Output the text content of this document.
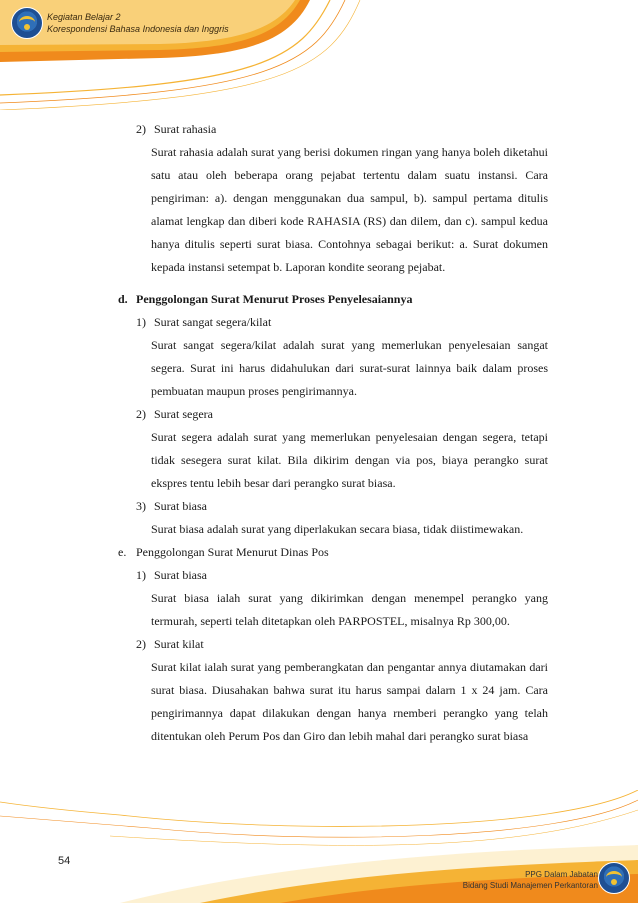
Kegiatan Belajar 2
Korespondensi Bahasa Indonesia dan Inggris
54
PPG Dalam Jabatan
Bidang Studi Manajemen Perkantoran
2) Surat rahasia
Surat rahasia adalah surat yang berisi dokumen ringan yang hanya boleh diketahui satu atau oleh beberapa orang pejabat tertentu dalam suatu instansi. Cara pengiriman: a). dengan menggunakan dua sampul, b). sampul pertama ditulis alamat lengkap dan diberi kode RAHASIA (RS) dan dilem, dan c). sampul kedua hanya ditulis seperti surat biasa. Contohnya sebagai berikut: a. Surat dokumen kepada instansi setempat b. Laporan kondite seorang pejabat.
d. Penggolongan Surat Menurut Proses Penyelesaiannya
1) Surat sangat segera/kilat
Surat sangat segera/kilat adalah surat yang memerlukan penyelesaian sangat segera. Surat ini harus didahulukan dari surat-surat lainnya baik dalam proses pembuatan maupun proses pengirimannya.
2) Surat segera
Surat segera adalah surat yang memerlukan penyelesaian dengan segera, tetapi tidak sesegera surat kilat. Bila dikirim dengan via pos, biaya perangko surat ekspres tentu lebih besar dari perangko surat biasa.
3) Surat biasa
Surat biasa adalah surat yang diperlakukan secara biasa, tidak diistimewakan.
e. Penggolongan Surat Menurut Dinas Pos
1) Surat biasa
Surat biasa ialah surat yang dikirimkan dengan menempel perangko yang termurah, seperti telah ditetapkan oleh PARPOSTEL, misalnya Rp 300,00.
2) Surat kilat
Surat kilat ialah surat yang pemberangkatan dan pengantar annya diutamakan dari surat biasa. Diusahakan bahwa surat itu harus sampai dalarn 1 x 24 jam. Cara pengirimannya dapat dilakukan dengan hanya rnemberi perangko yang telah ditentukan oleh Perum Pos dan Giro dan lebih mahal dari perangko surat biasa
